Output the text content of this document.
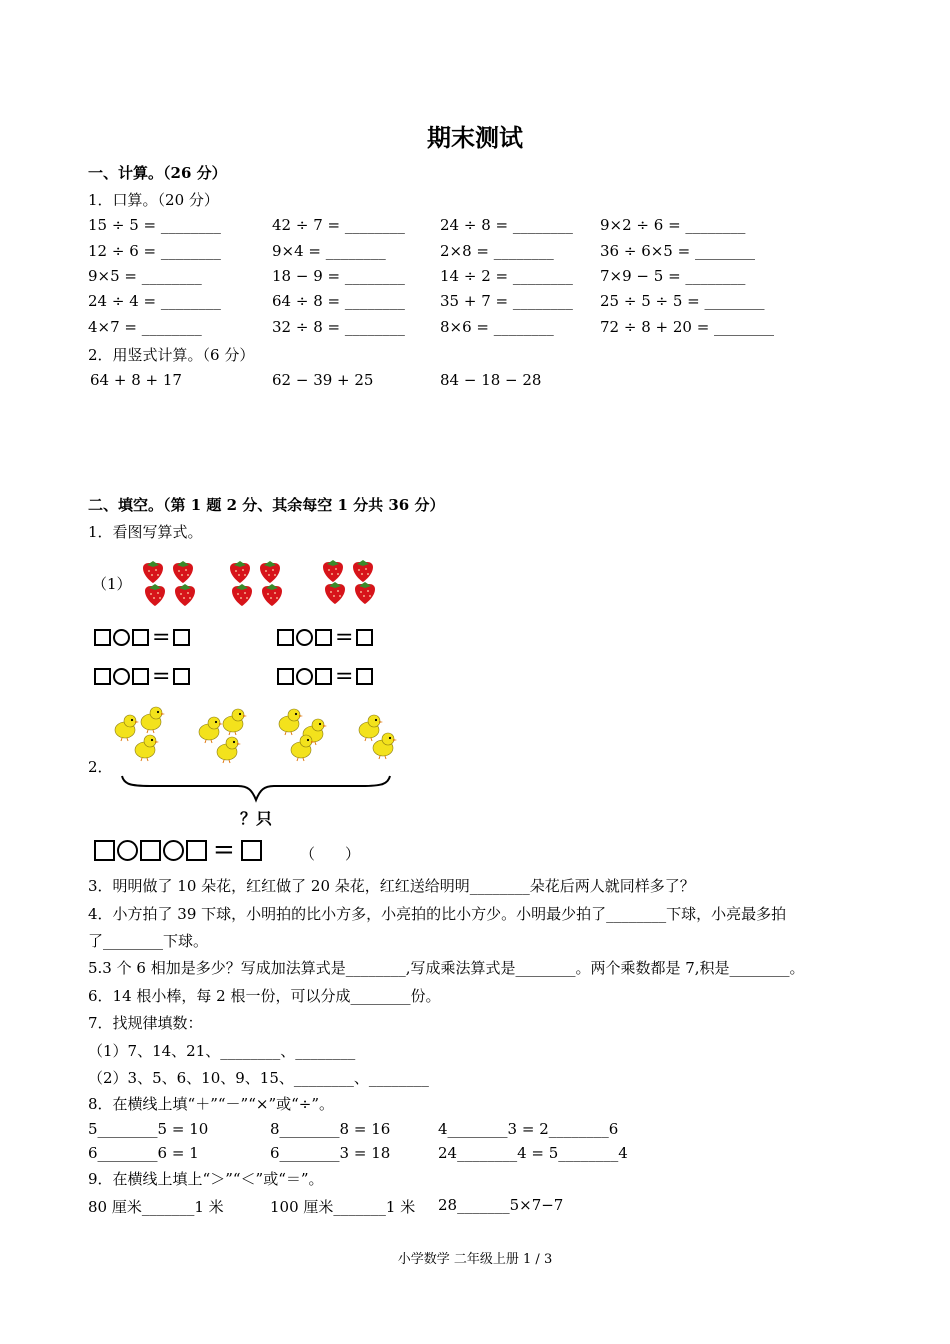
期末测试
一、计算。（26 分）
1．口算。（20 分）
15 ÷ 5 = ________	42 ÷ 7 = ________ 24 ÷ 8 = ________ 9×2 ÷ 6 = ________
12 ÷ 6 = ________	9×4 = ________	2×8 = ________	36 ÷ 6×5 = ________
9×5 = ________	18 − 9 = ________ 14 ÷ 2 = ________ 7×9 − 5 = ________
24 ÷ 4 = ________	64 ÷ 8 = ________ 35 + 7 = ________ 25 ÷ 5 ÷ 5 = ________
4×7 = ________	32 ÷ 8 = ________ 8×6 = ________	72 ÷ 8 + 20 = ________
2．用竖式计算。（6 分）
64 + 8 + 17	62 − 39 + 25	84 − 18 − 28
二、填空。（第 1 题 2 分、其余每空 1 分共 36 分）
1．看图写算式。
（1）
=	=
=	=
2．
？只
=	（　　）
3．明明做了 10 朵花，红红做了 20 朵花，红红送给明明________朵花后两人就同样多了？
4．小方拍了 39 下球，小明拍的比小方多，小亮拍的比小方少。小明最少拍了________下球，小亮最多拍
了________下球。
5.3 个 6 相加是多少？写成加法算式是________,写成乘法算式是________。两个乘数都是 7,积是________。
6．14 根小棒，每 2 根一份，可以分成________份。
7．找规律填数：
（1）7、14、21、________、________
（2）3、5、6、10、9、15、________、________
8．在横线上填“＋”“－”“×”或“÷”。
5________5 = 10	8________8 = 16	4________3 = 2________6
6________6 = 1	6________3 = 18	24________4 = 5________4
9．在横线上填上“＞”“＜”或“＝”。
80 厘米_______1 米	100 厘米_______1 米 28_______5×7−7
小学数学 二年级上册 1 / 3
